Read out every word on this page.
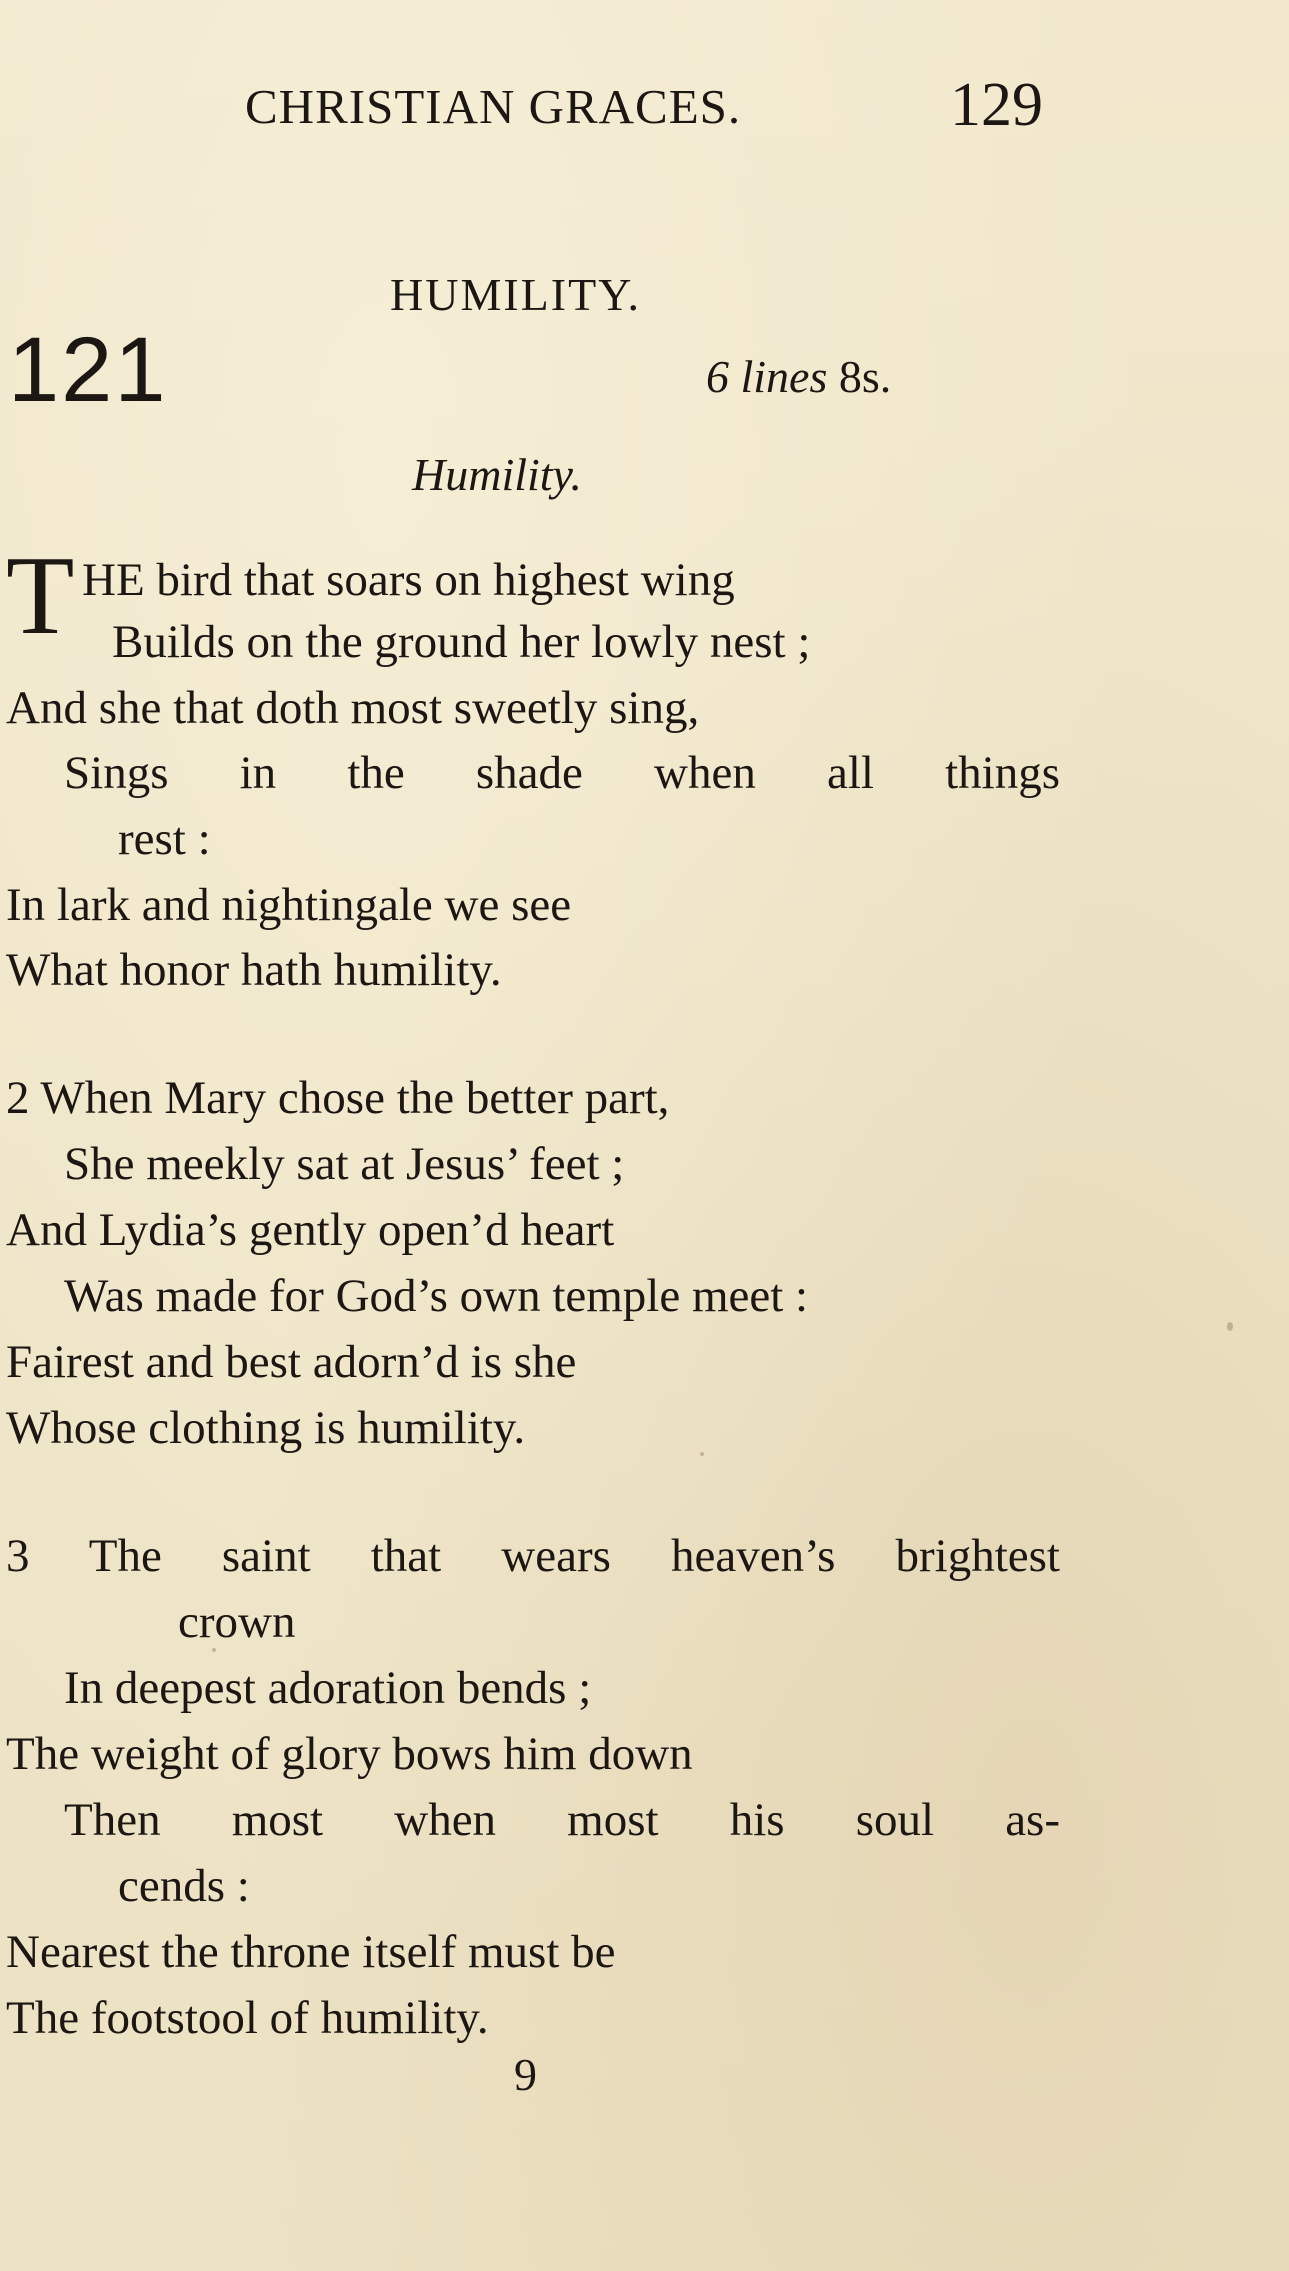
CHRISTIAN GRACES.	129
HUMILITY.
121	6 lines 8s.
Humility.
T HE bird that soars on highest wing
Builds on the ground her lowly nest ;
And she that doth most sweetly sing,
Sings in the shade when all things
rest :
In lark and nightingale we see
What honor hath humility.
2 When Mary chose the better part,
She meekly sat at Jesus’ feet ;
And Lydia’s gently open’d heart
Was made for God’s own temple meet :
Fairest and best adorn’d is she
Whose clothing is humility.
3 The saint that wears heaven’s brightest
crown
In deepest adoration bends ;
The weight of glory bows him down
Then most when most his soul as-
cends :
Nearest the throne itself must be
The footstool of humility.
9
